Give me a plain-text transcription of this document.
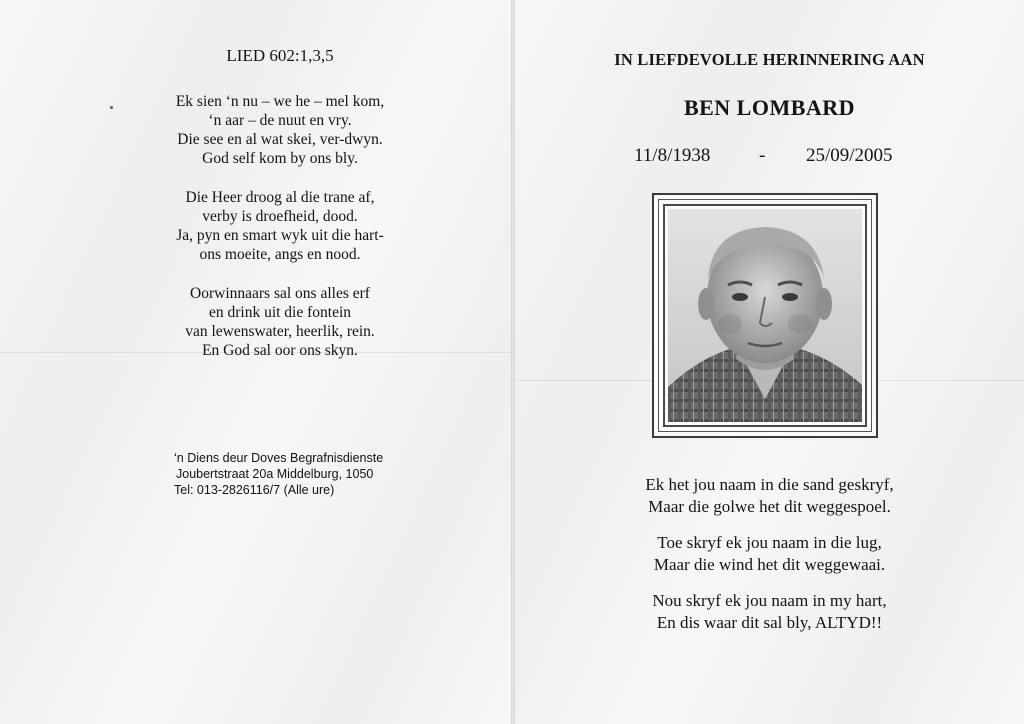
LIED 602:1,3,5
Ek sien ‘n nu – we he – mel kom,
‘n aar – de nuut en vry.
Die see en al wat skei, ver-dwyn.
God self kom by ons bly.
Die Heer droog al die trane af,
verby is droefheid, dood.
Ja, pyn en smart wyk uit die hart-
ons moeite, angs en nood.
Oorwinnaars sal ons alles erf
en drink uit die fontein
van lewenswater, heerlik, rein.
En God sal oor ons skyn.
‘n Diens deur Doves Begrafnisdienste
Joubertstraat 20a Middelburg, 1050
Tel: 013-2826116/7 (Alle ure)
IN LIEFDEVOLLE HERINNERING AAN
BEN LOMBARD
11/8/1938	- 25/09/2005
Ek het jou naam in die sand geskryf,
Maar die golwe het dit weggespoel.
Toe skryf ek jou naam in die lug,
Maar die wind het dit weggewaai.
Nou skryf ek jou naam in my hart,
En dis waar dit sal bly, ALTYD!!
